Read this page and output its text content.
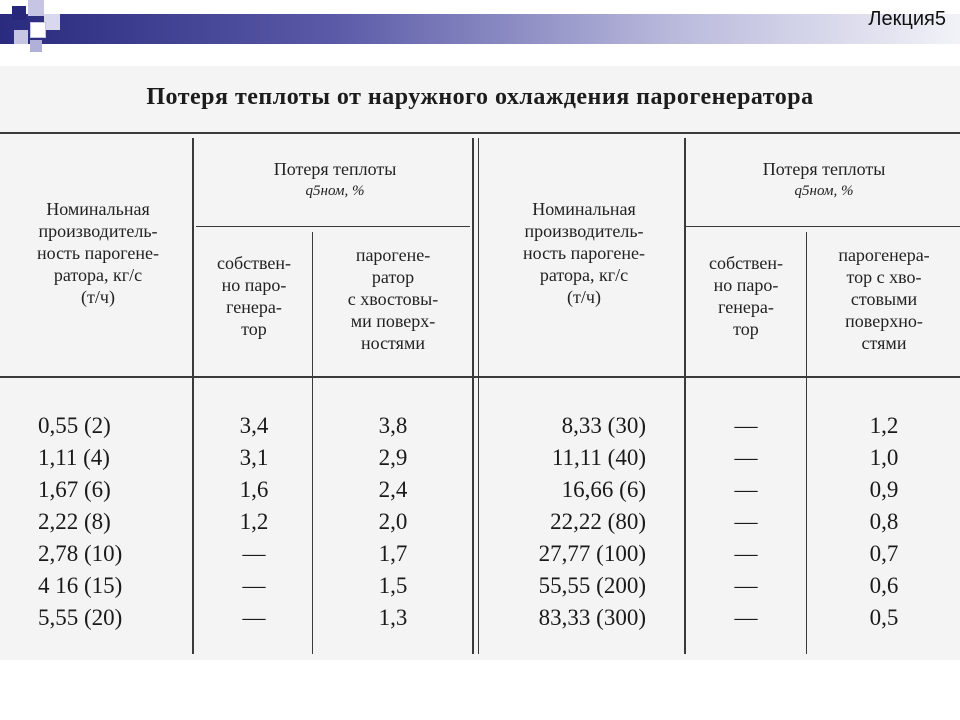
Лекция5
Потеря теплоты от наружного охлаждения парогенератора
Номинальная
производитель-
ность парогене-
ратора, кг/с
(т/ч)
Потеря теплоты
q5ном, %
собствен-
но паро-
генера-
тор
парогене-
ратор
с хвостовы-
ми поверх-
ностями
Номинальная
производитель-
ность парогене-
ратора, кг/с
(т/ч)
Потеря теплоты
q5ном, %
собствен-
но паро-
генера-
тор
парогенера-
тор с хво-
стовыми
поверхно-
стями
0,55 (2)
1,11 (4)
1,67 (6)
2,22 (8)
2,78 (10)
4 16 (15)
5,55 (20)
3,4
3,1
1,6
1,2
—
—
—
3,8
2,9
2,4
2,0
1,7
1,5
1,3
8,33 (30)
11,11 (40)
16,66 (6)
22,22 (80)
27,77 (100)
55,55 (200)
83,33 (300)
—
—
—
—
—
—
—
1,2
1,0
0,9
0,8
0,7
0,6
0,5
